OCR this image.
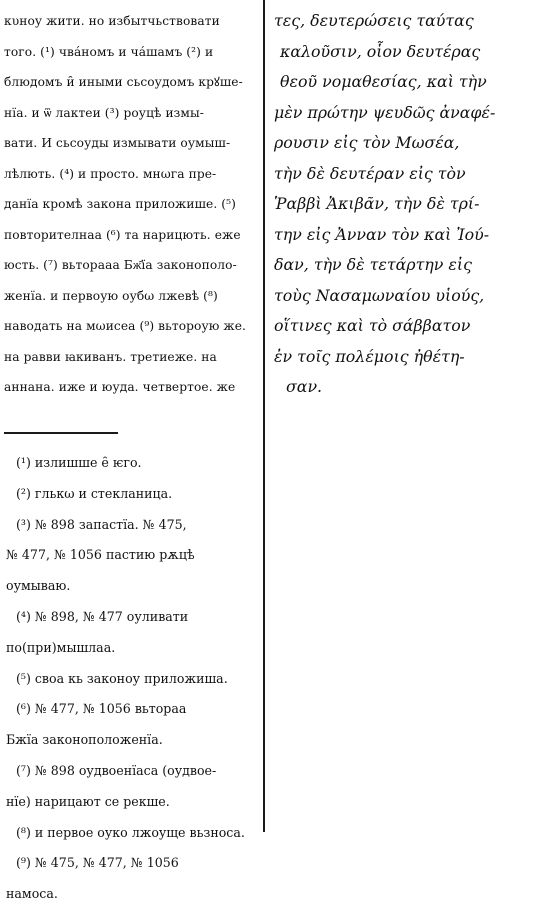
кυнοу жити. но избытчьствовати
того. (¹) чвáномъ и чáшамъ (²) и
блюдомъ и̑ иными сьсоудомъ крꙋше-
нїа. и ѿ лактеи (³) роуцѣ измы-
вати. И сьсоуды измывати оумыш-
лѣлють. (⁴) и просто. мнωга пре-
данїа кромѣ закона приложише. (⁵)
повторителнаа (⁶) та нарицють. еже
юсть. (⁷) вьторааа Бж҃їа законополо-
женїа. и первоую оубω лжевѣ (⁸)
наводать на мωисеа (⁹) вьтороую же.
на равви ꙗкиванъ. третиеже. на
аннана. иже и юуда. четвертое. же
τες, δευτερώσεις ταύτας
καλοῦσιν, οἷον δευτέρας
θεοῦ νομαθεσίας, καὶ τὴν
μὲν πρώτην ψευδῶς ἀναφέ-
ρουσιν εἰς τὸν Μωσέα,
τὴν δὲ δευτέραν εἰς τὸν
Ῥαββὶ Ἀκιβᾶν, τὴν δὲ τρί-
την εἰς Ἀνναν τὸν καὶ Ἰού-
δαν, τὴν δὲ τετάρτην εἰς
τοὺς Νασαμωναίου υἱούς,
οἵτινες καὶ τὸ σάββατον
ἐν τοῖς πολέμοις ἠθέτη-
σαν.
(¹) излишше е̑ ѥго.
(²) глькω и стекланица.
(³) № 898 запастїа. № 475,
№ 477, № 1056 пастию рѫцѣ
оумываю.
(⁴) № 898, № 477 оуливати
по(при)мышлаа.
(⁵) своа кь законоу приложиша.
(⁶) № 477, № 1056 вьтораа
Бжїа законоположенїа.
(⁷) № 898 оудвоенїаса (оудвое-
нїе) нарицают се рекше.
(⁸) и первое оуко лжоуще вьзноса.
(⁹) № 475, № 477, № 1056
намоса.
